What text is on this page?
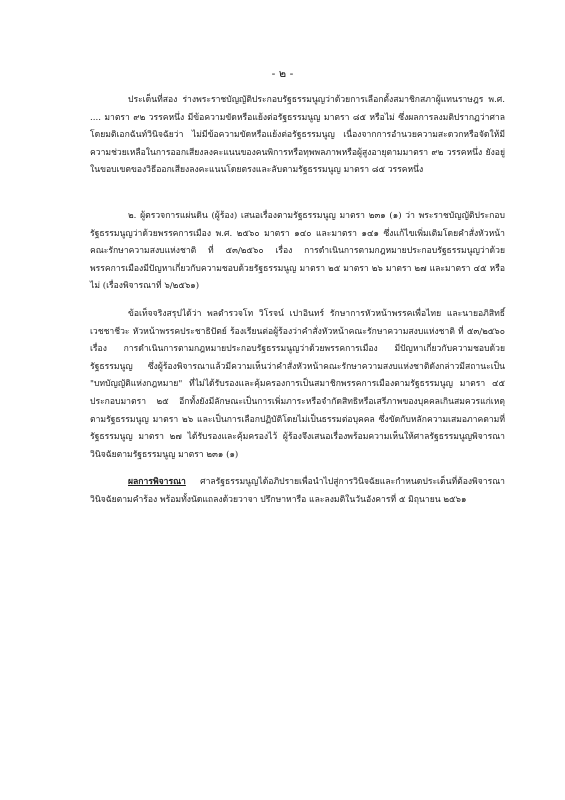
- ๒ -

ประเด็นที่สอง ร่างพระราชบัญญัติประกอบรัฐธรรมนูญว่าด้วยการเลือกตั้งสมาชิกสภาผู้แทนราษฎร พ.ศ. .... มาตรา ๙๒ วรรคหนึ่ง มีข้อความขัดหรือแย้งต่อรัฐธรรมนูญ มาตรา ๘๕ หรือไม่ ซึ่งผลการลงมติปรากฏว่าศาลโดยมติเอกฉันท์วินิจฉัยว่า ไม่มีข้อความขัดหรือแย้งต่อรัฐธรรมนูญ เนื่องจากการอำนวยความสะดวกหรือจัดให้มีความช่วยเหลือในการออกเสียงลงคะแนนของคนพิการหรือทุพพลภาพหรือผู้สูงอายุตามมาตรา ๙๒ วรรคหนึ่ง ยังอยู่ในขอบเขตของวิธีออกเสียงลงคะแนนโดยตรงและลับตามรัฐธรรมนูญ มาตรา ๘๕ วรรคหนึ่ง

๒. ผู้ตรวจการแผ่นดิน (ผู้ร้อง) เสนอเรื่องตามรัฐธรรมนูญ มาตรา ๒๓๑ (๑) ว่า พระราชบัญญัติประกอบรัฐธรรมนูญว่าด้วยพรรคการเมือง พ.ศ. ๒๕๖๐ มาตรา ๑๔๐ และมาตรา ๑๔๑ ซึ่งแก้ไขเพิ่มเติมโดยคำสั่งหัวหน้าคณะรักษาความสงบแห่งชาติ ที่ ๕๓/๒๕๖๐ เรื่อง การดำเนินการตามกฎหมายประกอบรัฐธรรมนูญว่าด้วยพรรคการเมืองมีปัญหาเกี่ยวกับความชอบด้วยรัฐธรรมนูญ มาตรา ๒๕ มาตรา ๒๖ มาตรา ๒๗ และมาตรา ๔๕ หรือไม่ (เรื่องพิจารณาที่ ๖/๒๕๖๑)

ข้อเท็จจริงสรุปได้ว่า พลตำรวจโท วิโรจน์ เปาอินทร์ รักษาการหัวหน้าพรรคเพื่อไทย และนายอภิสิทธิ์ เวชชาชีวะ หัวหน้าพรรคประชาธิปัตย์ ร้องเรียนต่อผู้ร้องว่าคำสั่งหัวหน้าคณะรักษาความสงบแห่งชาติ ที่ ๕๓/๒๕๖๐ เรื่อง การดำเนินการตามกฎหมายประกอบรัฐธรรมนูญว่าด้วยพรรคการเมือง มีปัญหาเกี่ยวกับความชอบด้วยรัฐธรรมนูญ ซึ่งผู้ร้องพิจารณาแล้วมีความเห็นว่าคำสั่งหัวหน้าคณะรักษาความสงบแห่งชาติดังกล่าวมีสถานะเป็น "บทบัญญัติแห่งกฎหมาย" ที่ไม่ได้รับรองและคุ้มครองการเป็นสมาชิกพรรคการเมืองตามรัฐธรรมนูญ มาตรา ๔๕ ประกอบมาตรา ๒๕ อีกทั้งยังมีลักษณะเป็นการเพิ่มภาระหรือจำกัดสิทธิหรือเสรีภาพของบุคคลเกินสมควรแก่เหตุตามรัฐธรรมนูญ มาตรา ๒๖ และเป็นการเลือกปฏิบัติโดยไม่เป็นธรรมต่อบุคคล ซึ่งขัดกับหลักความเสมอภาคตามที่รัฐธรรมนูญ มาตรา ๒๗ ได้รับรองและคุ้มครองไว้ ผู้ร้องจึงเสนอเรื่องพร้อมความเห็นให้ศาลรัฐธรรมนูญพิจารณาวินิจฉัยตามรัฐธรรมนูญ มาตรา ๒๓๑ (๑)

ผลการพิจารณา ศาลรัฐธรรมนูญได้อภิปรายเพื่อนำไปสู่การวินิจฉัยและกำหนดประเด็นที่ต้องพิจารณาวินิจฉัยตามคำร้อง พร้อมทั้งนัดแถลงด้วยวาจา ปรึกษาหารือ และลงมติในวันอังคารที่ ๕ มิถุนายน ๒๕๖๑
